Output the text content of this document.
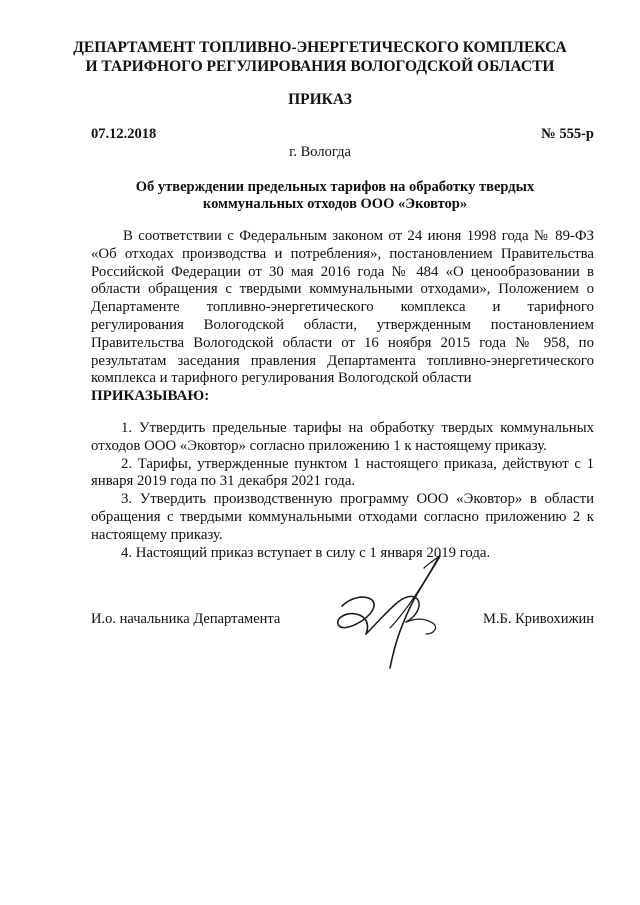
ДЕПАРТАМЕНТ ТОПЛИВНО-ЭНЕРГЕТИЧЕСКОГО КОМПЛЕКСА
И ТАРИФНОГО РЕГУЛИРОВАНИЯ ВОЛОГОДСКОЙ ОБЛАСТИ
ПРИКАЗ
07.12.2018	№ 555-р
г. Вологда
Об утверждении предельных тарифов на обработку твердых
коммунальных отходов ООО «Эковтор»

В соответствии с Федеральным законом от 24 июня 1998 года № 89-ФЗ «Об отходах производства и потребления», постановлением Правительства Российской Федерации от 30 мая 2016 года № 484 «О ценообразовании в области обращения с твердыми коммунальными отходами», Положением о Департаменте топливно-энергетического комплекса и тарифного регулирования Вологодской области, утвержденным постановлением Правительства Вологодской области от 16 ноября 2015 года № 958, по результатам заседания правления Департамента топливно-энергетического комплекса и тарифного регулирования Вологодской области

ПРИКАЗЫВАЮ:

1. Утвердить предельные тарифы на обработку твердых коммунальных отходов ООО «Эковтор» согласно приложению 1 к настоящему приказу.

2. Тарифы, утвержденные пунктом 1 настоящего приказа, действуют с 1 января 2019 года по 31 декабря 2021 года.

3. Утвердить производственную программу ООО «Эковтор» в области обращения с твердыми коммунальными отходами согласно приложению 2 к настоящему приказу.

4. Настоящий приказ вступает в силу с 1 января 2019 года.

И.о. начальника Департамента	М.Б. Кривохижин
